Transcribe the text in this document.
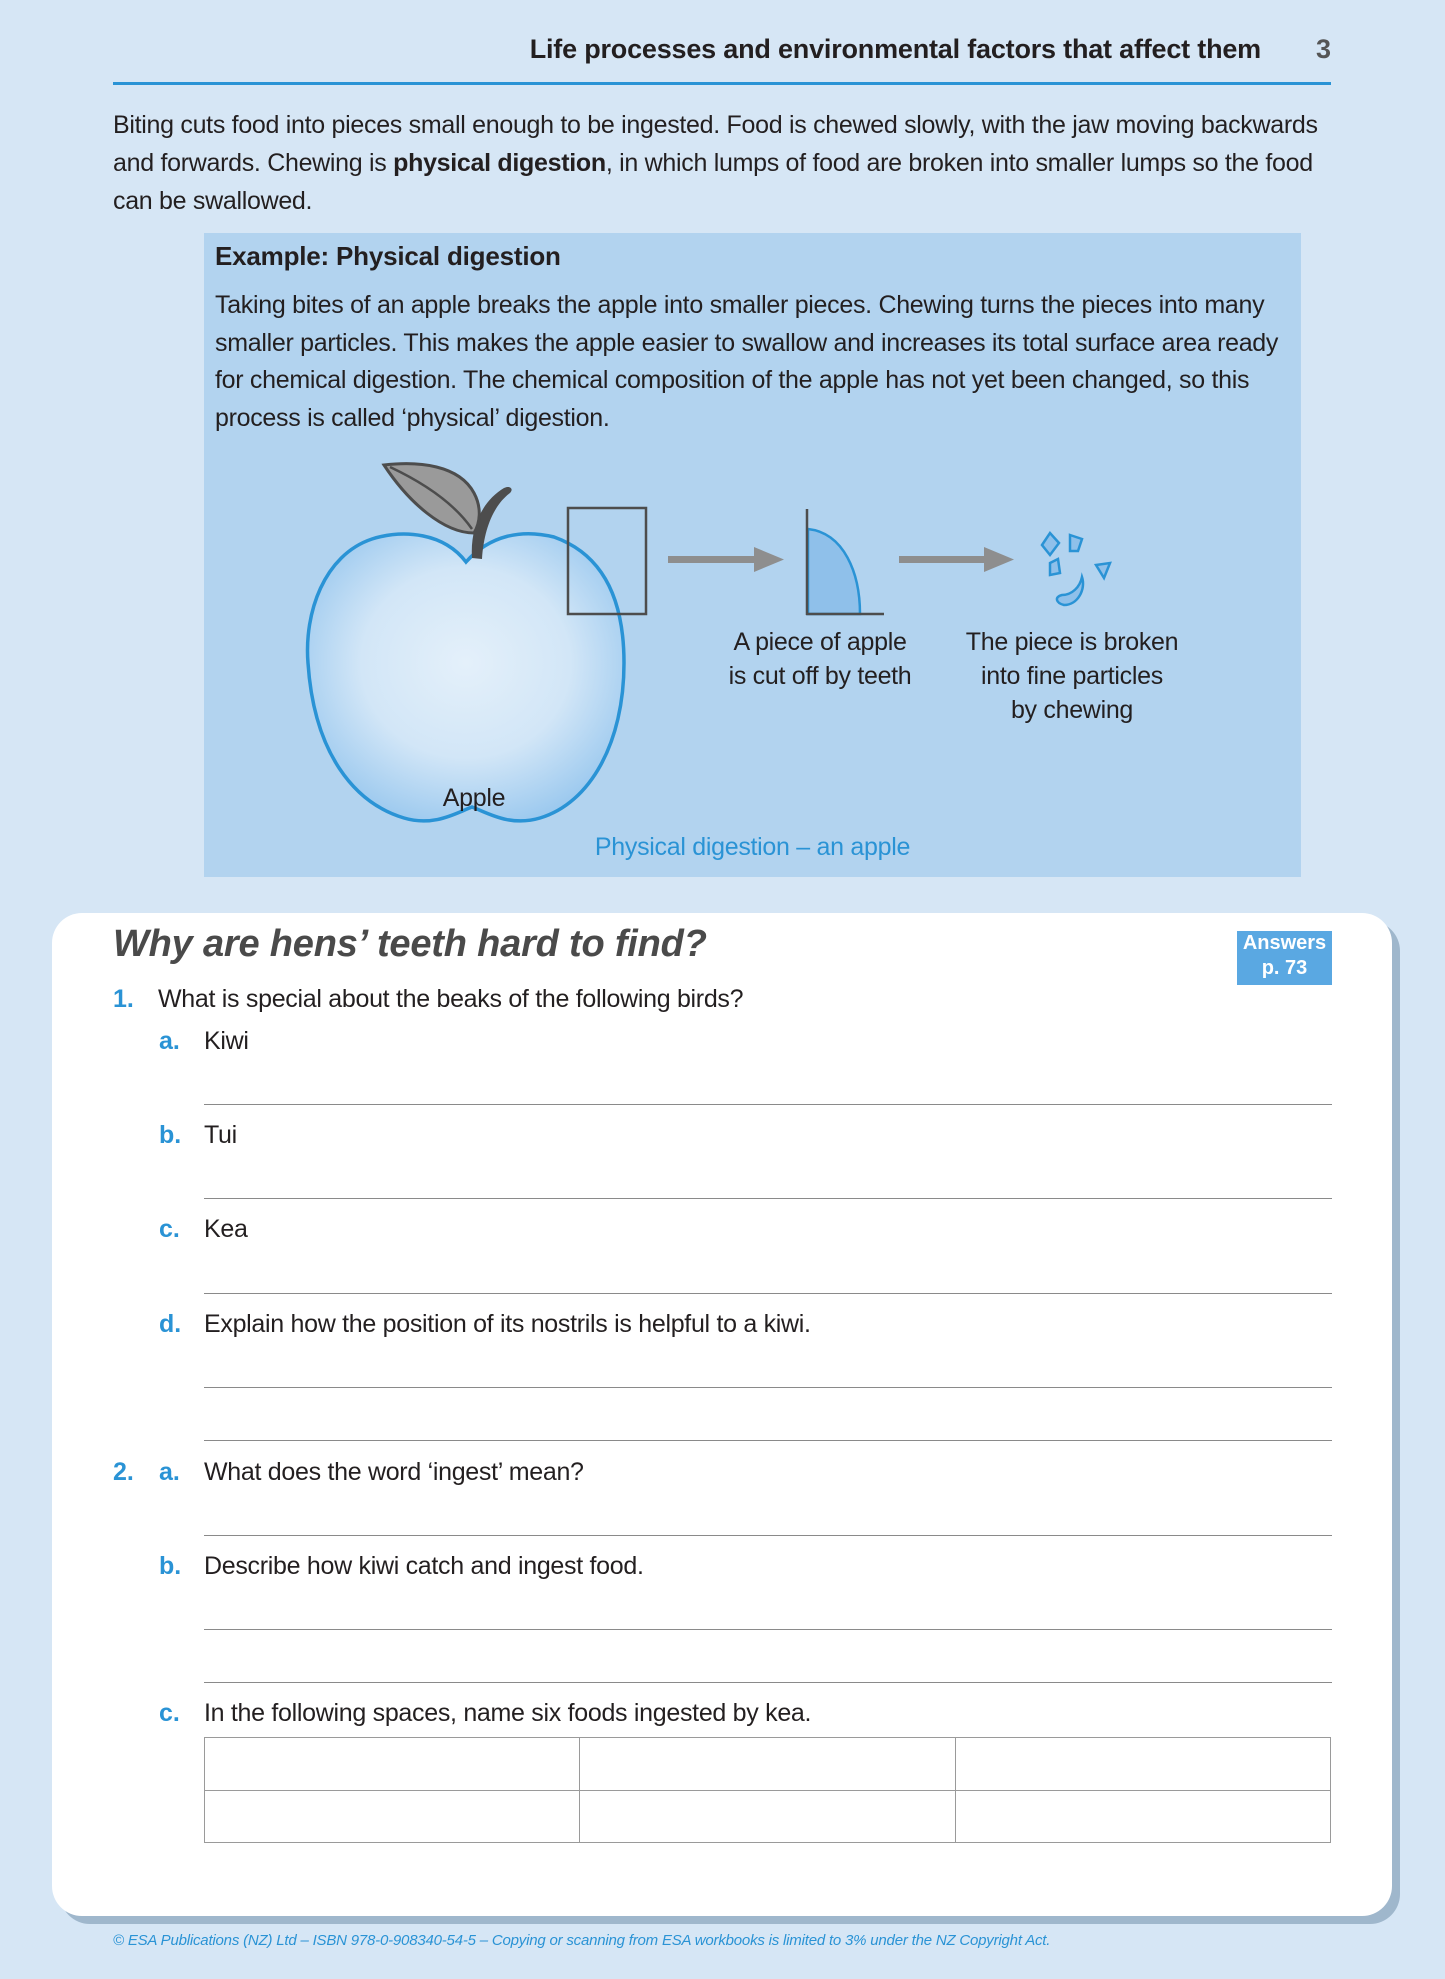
Life processes and environmental factors that affect them 3
Biting cuts food into pieces small enough to be ingested. Food is chewed slowly, with the jaw moving backwards and forwards. Chewing is physical digestion, in which lumps of food are broken into smaller lumps so the food can be swallowed.
Example: Physical digestion
Taking bites of an apple breaks the apple into smaller pieces. Chewing turns the pieces into many smaller particles. This makes the apple easier to swallow and increases its total surface area ready for chemical digestion. The chemical composition of the apple has not yet been changed, so this process is called ‘physical’ digestion.
Apple
A piece of apple
is cut off by teeth
The piece is broken
into fine particles
by chewing
Physical digestion – an apple
Why are hens’ teeth hard to find?	Answers
p. 73
1. What is special about the beaks of the following birds?
a. Kiwi
b. Tui
c. Kea
d. Explain how the position of its nostrils is helpful to a kiwi.
2. a. What does the word ‘ingest’ mean?
b. Describe how kiwi catch and ingest food.
c. In the following spaces, name six foods ingested by kea.

© ESA Publications (NZ) Ltd – ISBN 978-0-908340-54-5 – Copying or scanning from ESA workbooks is limited to 3% under the NZ Copyright Act.
